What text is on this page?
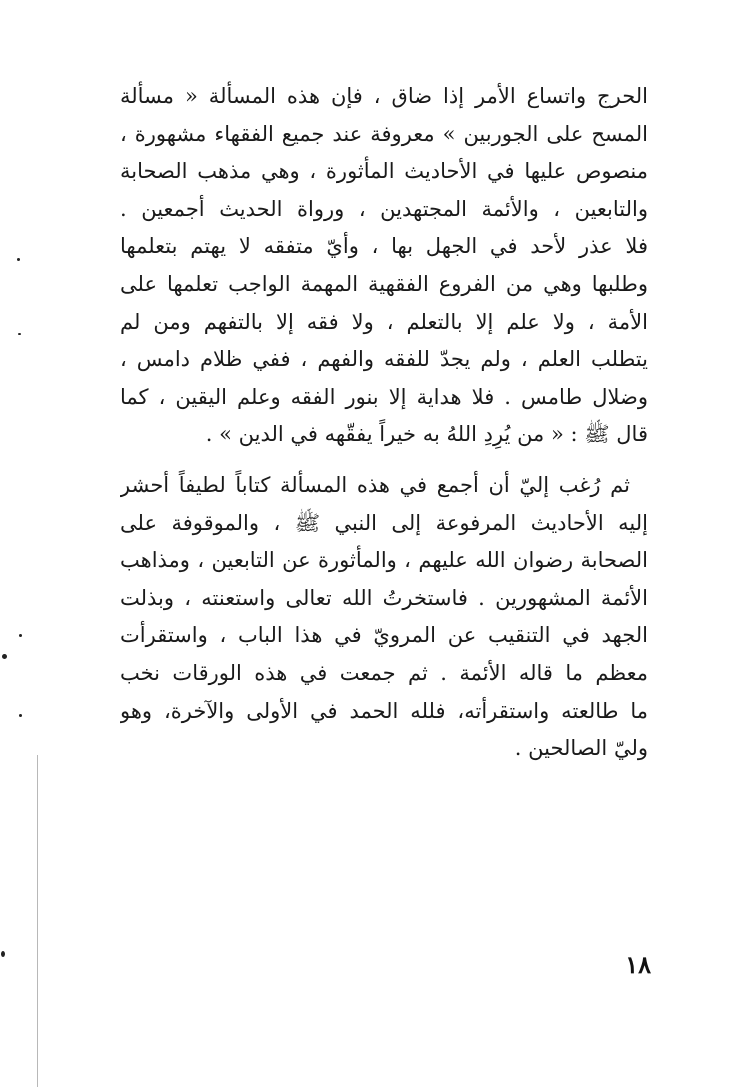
الحرج واتساع الأمر إذا ضاق ، فإن هذه المسألة « مسألة
المسح على الجوربين » معروفة عند جميع الفقهاء مشهورة ،
منصوص عليها في الأحاديث المأثورة ، وهي مذهب الصحابة
والتابعين ، والأئمة المجتهدين ، ورواة الحديث أجمعين .
فلا عذر لأحد في الجهل بها ، وأيّ متفقه لا يهتم بتعلمها
وطلبها وهي من الفروع الفقهية المهمة الواجب تعلمها على
الأمة ، ولا علم إلا بالتعلم ، ولا فقه إلا بالتفهم ومن لم
يتطلب العلم ، ولم يجدّ للفقه والفهم ، ففي ظلام دامس ،
وضلال طامس . فلا هداية إلا بنور الفقه وعلم اليقين ، كما
قال ﷺ : « من يُرِدِ اللهُ به خيراً يفقّهه في الدين » .
ثم رُغب إليّ أن أجمع في هذه المسألة كتاباً لطيفاً أحشر
إليه الأحاديث المرفوعة إلى النبي ﷺ ، والموقوفة على
الصحابة رضوان الله عليهم ، والمأثورة عن التابعين ، ومذاهب
الأئمة المشهورين . فاستخرتُ الله تعالى واستعنته ، وبذلت
الجهد في التنقيب عن المرويّ في هذا الباب ، واستقرأت
معظم ما قاله الأئمة . ثم جمعت في هذه الورقات نخب
ما طالعته واستقرأته، فلله الحمد في الأولى والآخرة، وهو
وليّ الصالحين .
١٨
